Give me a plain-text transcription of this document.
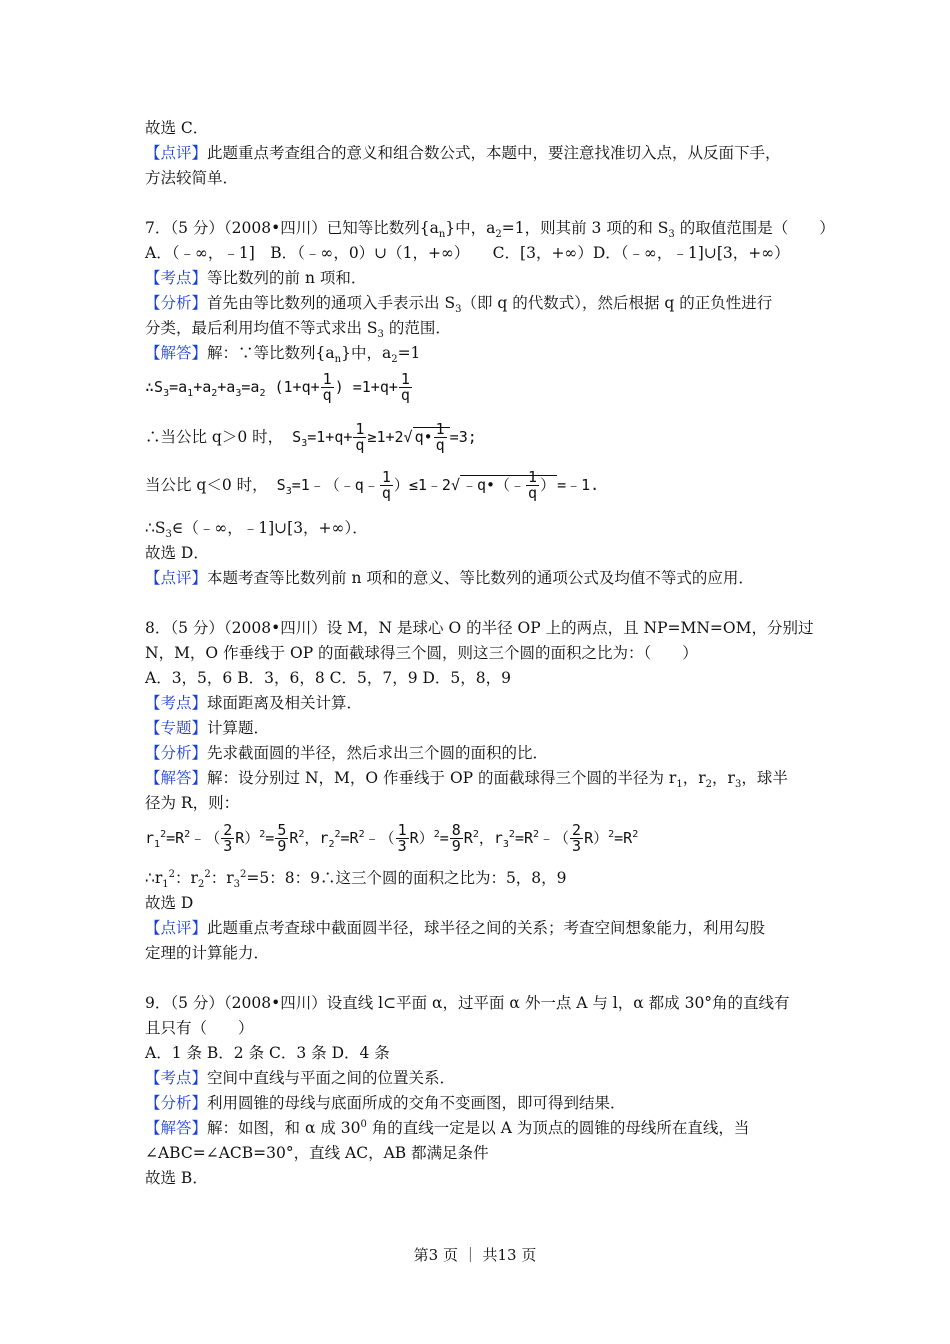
故选 C．
【点评】此题重点考查组合的意义和组合数公式，本题中，要注意找准切入点，从反面下手，
方法较简单．
7．（5 分）（2008•四川）已知等比数列$\{a_n\}$中，$a_2=1$，则其前 3 项的和 $S_3$ 的取值范围是（　　）
A．（﹣∞，﹣1]　B．（﹣∞，0）∪（1，+∞）　　C．[3，+∞）D．（﹣∞，﹣1]∪[3，+∞）
【考点】等比数列的前 n 项和．
【分析】首先由等比数列的通项入手表示出 $S_3$（即 q 的代数式），然后根据 q 的正负性进行
分类，最后利用均值不等式求出 $S_3$ 的范围．
【解答】解：∵等比数列$\{a_n\}$中，$a_2=1$
$\therefore S_3=a_1+a_2+a_3=a_2$ ($1+q+ \frac{1}{q}$ ) $=1+q+ \frac{1}{q}$
∴当公比 q＞0 时， $S_3=1+q+ \frac{1}{q} \ge 1+2√$ q• $\frac{1}{q} =3$;
当公比 q＜0 时， $S_3=1﹣(﹣q﹣ \frac{1}{q}$ ）≤1﹣2√ ﹣q•（﹣ $\frac{1}{q}$ ） =﹣1.
$\therefore S_3\in(﹣\infty$，﹣1]∪[3，+∞）．
故选 D．
【点评】本题考查等比数列前 n 项和的意义、等比数列的通项公式及均值不等式的应用．
8．（5 分）（2008•四川）设 M，N 是球心 O 的半径 OP 上的两点，且 NP=MN=OM，分别过
N，M，O 作垂线于 OP 的面截球得三个圆，则这三个圆的面积之比为：（　　）
A．3，5，6 B．3，6，8 C．5，7，9 D．5，8，9
【考点】球面距离及相关计算．
【专题】计算题．
【分析】先求截面圆的半径，然后求出三个圆的面积的比．
【解答】解：设分别过 N，M，O 作垂线于 OP 的面截球得三个圆的半径为 $r_1$，$r_2$，$r_3$，球半
径为 R，则：
$r_1^2=R^2﹣( \frac{2}{3} R)^2= \frac{5}{9} R^2$，$r_2^2=R^2﹣( \frac{1}{3} R)^2= \frac{8}{9} R^2$，$r_3^2=R^2﹣( \frac{2}{3} R)^2=R^2$
$\therefore r_1^2$：$r_2^2$：$r_3^2=5$：8：9∴这三个圆的面积之比为：5，8，9
故选 D
【点评】此题重点考查球中截面圆半径，球半径之间的关系；考查空间想象能力，利用勾股
定理的计算能力．
9．（5 分）（2008•四川）设直线 l⊂平面 α，过平面 α 外一点 A 与 l，α 都成 30°角的直线有
且只有（　　）
A．1 条 B．2 条 C．3 条 D．4 条
【考点】空间中直线与平面之间的位置关系．
【分析】利用圆锥的母线与底面所成的交角不变画图，即可得到结果．
【解答】解：如图，和 α 成 $30^0$ 角的直线一定是以 A 为顶点的圆锥的母线所在直线，当
∠ABC=∠ACB=30°，直线 AC，AB 都满足条件
故选 B．
第3 页 ｜ 共13 页
